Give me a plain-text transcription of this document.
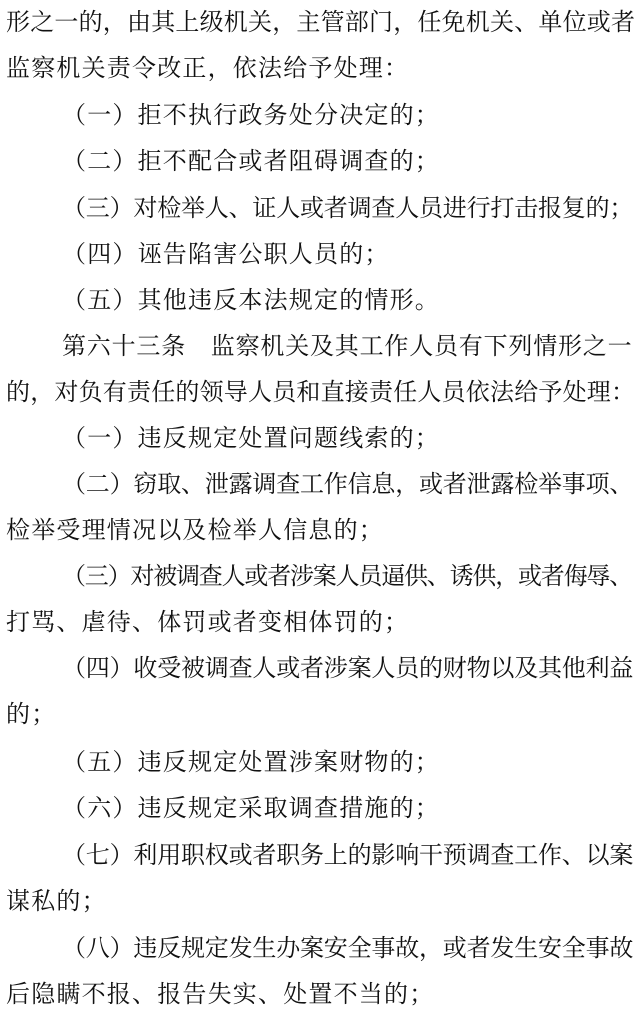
形之一的，由其上级机关，主管部门，任免机关、单位或者
监察机关责令改正，依法给予处理：
（一）拒不执行政务处分决定的；
（二）拒不配合或者阻碍调查的；
（三）对检举人、证人或者调查人员进行打击报复的；
（四）诬告陷害公职人员的；
（五）其他违反本法规定的情形。
第六十三条　监察机关及其工作人员有下列情形之一
的，对负有责任的领导人员和直接责任人员依法给予处理：
（一）违反规定处置问题线索的；
（二）窃取、泄露调查工作信息，或者泄露检举事项、
检举受理情况以及检举人信息的；
（三）对被调查人或者涉案人员逼供、诱供，或者侮辱、
打骂、虐待、体罚或者变相体罚的；
（四）收受被调查人或者涉案人员的财物以及其他利益
的；
（五）违反规定处置涉案财物的；
（六）违反规定采取调查措施的；
（七）利用职权或者职务上的影响干预调查工作、以案
谋私的；
（八）违反规定发生办案安全事故，或者发生安全事故
后隐瞒不报、报告失实、处置不当的；
